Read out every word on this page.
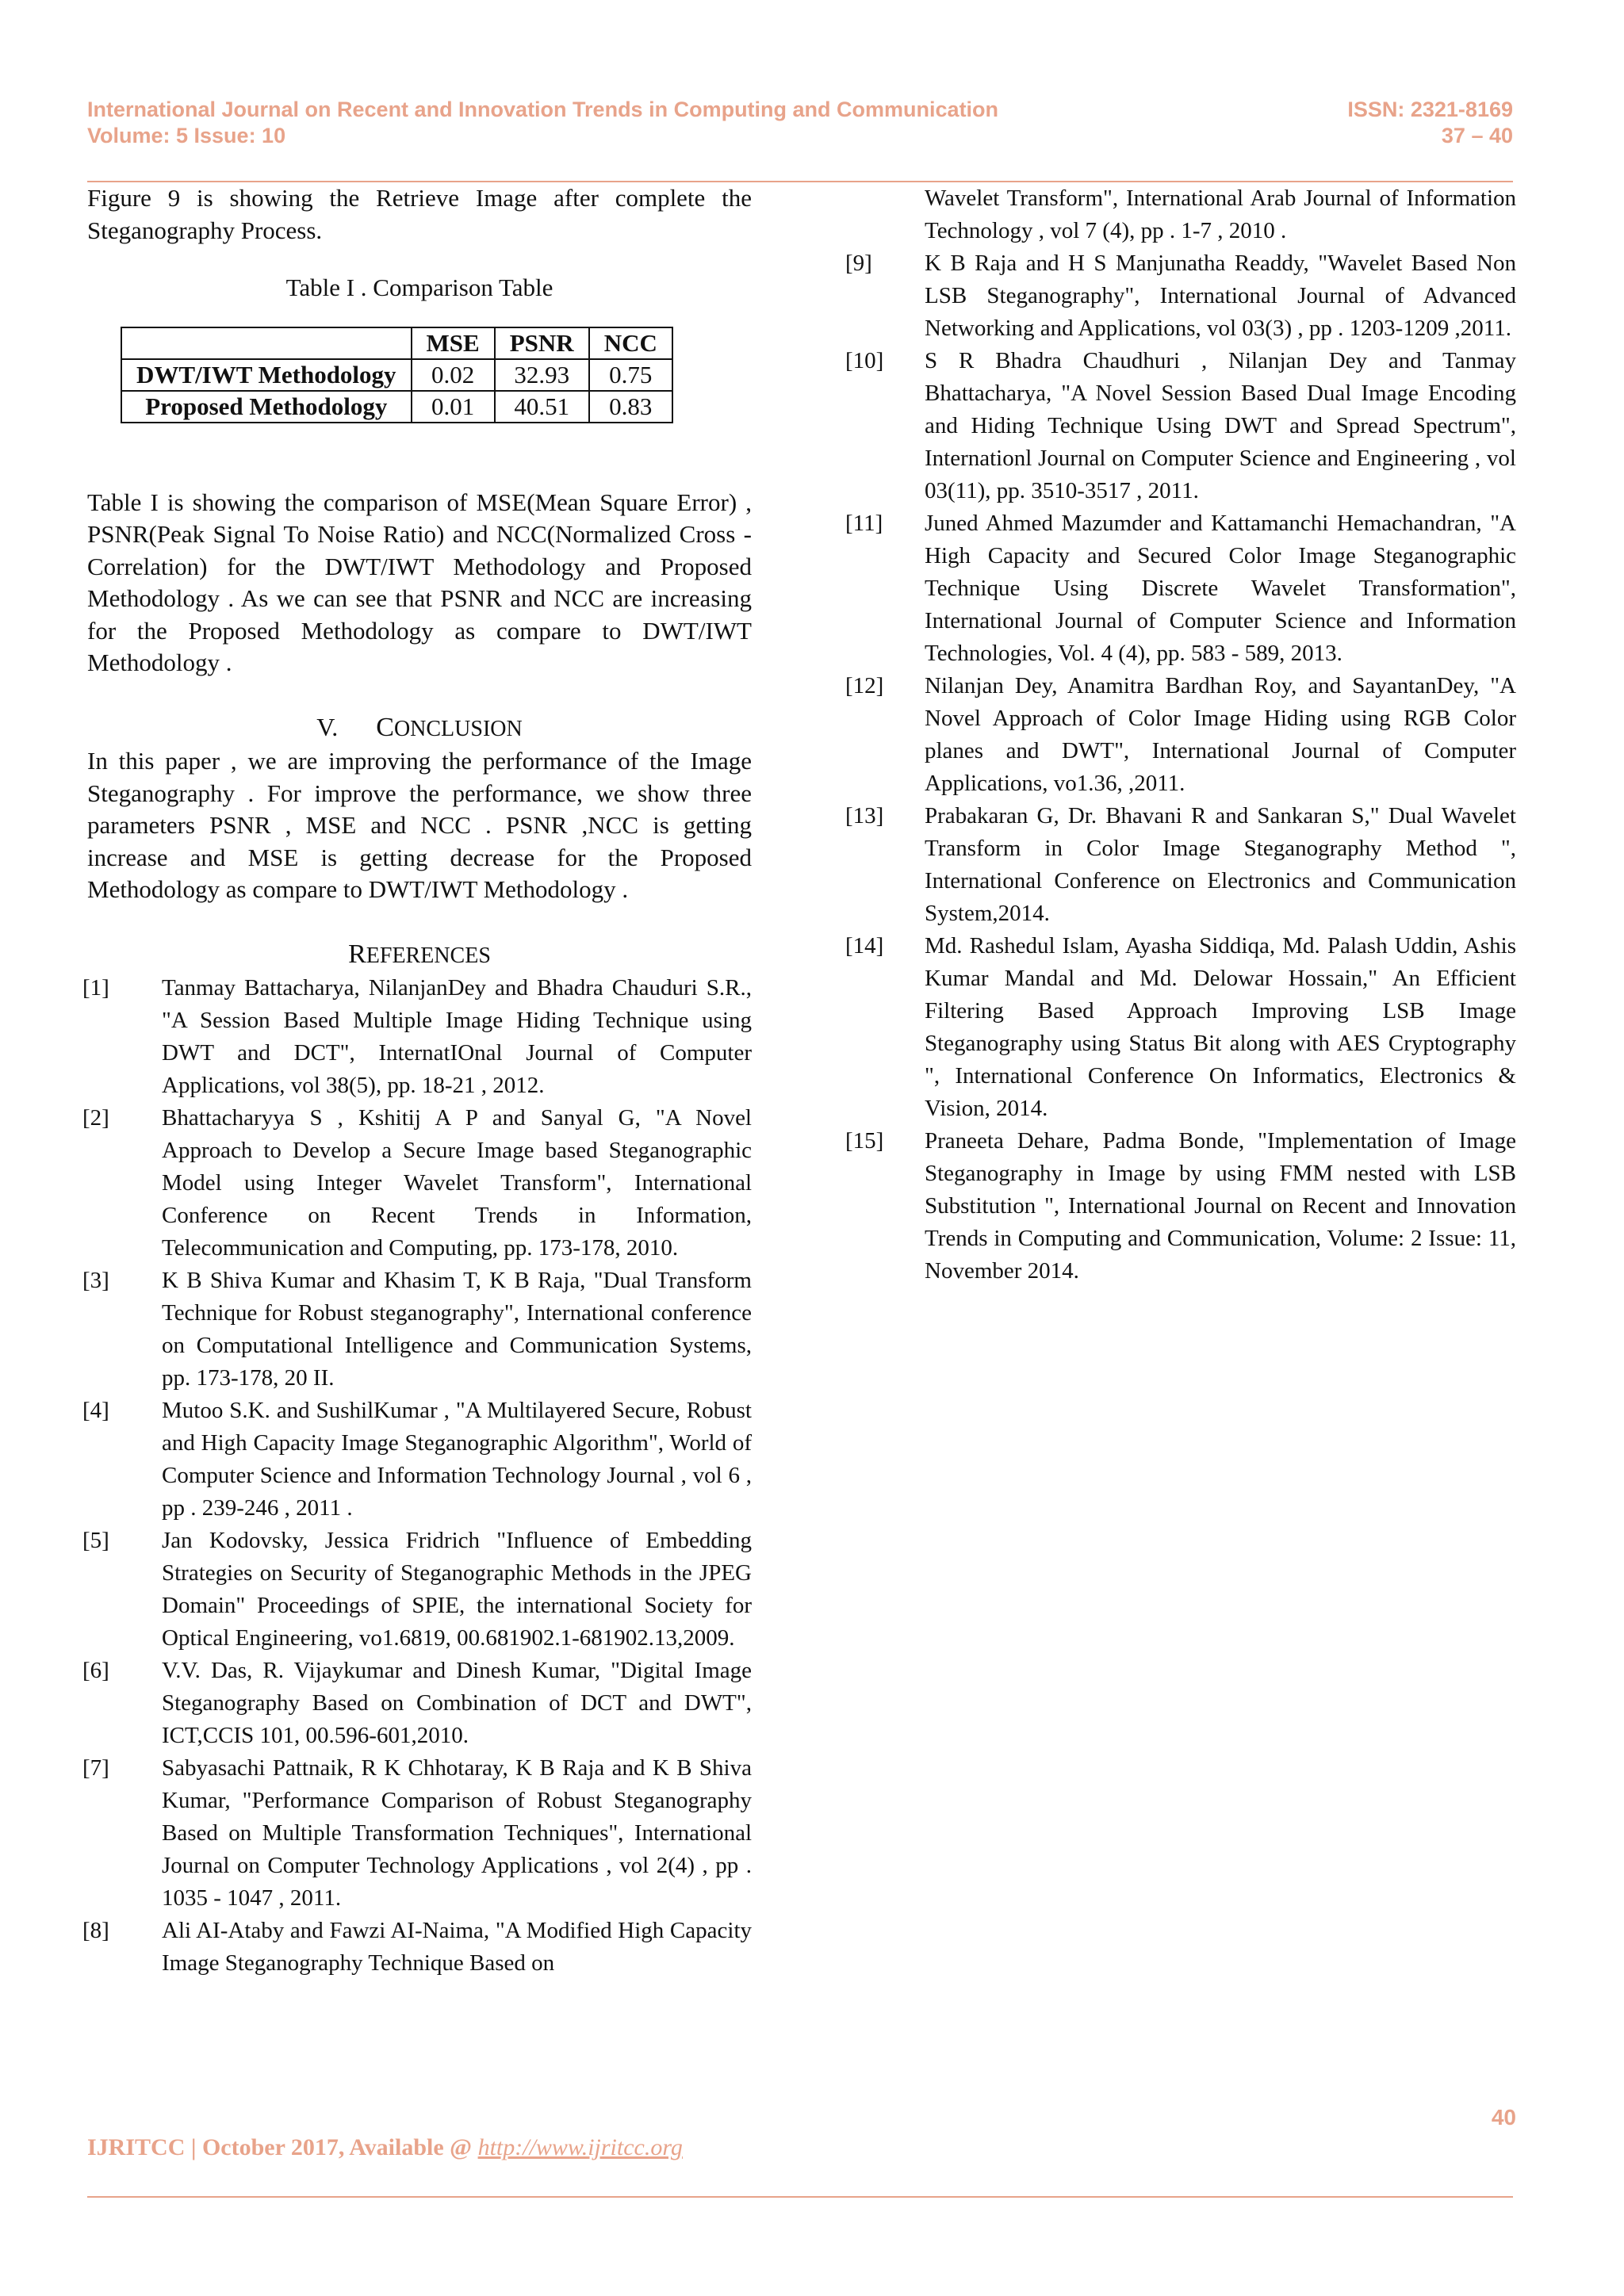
International Journal on Recent and Innovation Trends in Computing and Communication	ISSN: 2321-8169
Volume: 5 Issue: 10	37 – 40

Figure 9 is showing the Retrieve Image after complete the Steganography Process.

Table I . Comparison Table

	MSE	PSNR	NCC
DWT/IWT Methodology	0.02	32.93	0.75
Proposed Methodology	0.01	40.51	0.83

Table I is showing the comparison of MSE(Mean Square Error) , PSNR(Peak Signal To Noise Ratio) and NCC(Normalized Cross - Correlation) for the DWT/IWT Methodology and Proposed Methodology . As we can see that PSNR and NCC are increasing for the Proposed Methodology as compare to DWT/IWT Methodology .

V. CONCLUSION

In this paper , we are improving the performance of the Image Steganography . For improve the performance, we show three parameters PSNR , MSE and NCC . PSNR ,NCC is getting increase and MSE is getting decrease for the Proposed Methodology as compare to DWT/IWT Methodology .

REFERENCES

[1]	Tanmay Battacharya, NilanjanDey and Bhadra Chauduri S.R., "A Session Based Multiple Image Hiding Technique using DWT and DCT", InternatIOnal Journal of Computer Applications, vol 38(5), pp. 18-21 , 2012.
[2]	Bhattacharyya S , Kshitij A P and Sanyal G, "A Novel Approach to Develop a Secure Image based Steganographic Model using Integer Wavelet Transform", International Conference on Recent Trends in Information, Telecommunication and Computing, pp. 173-178, 2010.
[3]	K B Shiva Kumar and Khasim T, K B Raja, "Dual Transform Technique for Robust steganography", International conference on Computational Intelligence and Communication Systems, pp. 173-178, 20 II.
[4]	Mutoo S.K. and SushilKumar , "A Multilayered Secure, Robust and High Capacity Image Steganographic Algorithm", World of Computer Science and Information Technology Journal , vol 6 , pp . 239-246 , 2011 .
[5]	Jan Kodovsky, Jessica Fridrich "Influence of Embedding Strategies on Security of Steganographic Methods in the JPEG Domain" Proceedings of SPIE, the international Society for Optical Engineering, vo1.6819, 00.681902.1-681902.13,2009.
[6]	V.V. Das, R. Vijaykumar and Dinesh Kumar, "Digital Image Steganography Based on Combination of DCT and DWT", ICT,CCIS 101, 00.596-601,2010.
[7]	Sabyasachi Pattnaik, R K Chhotaray, K B Raja and K B Shiva Kumar, "Performance Comparison of Robust Steganography Based on Multiple Transformation Techniques", International Journal on Computer Technology Applications , vol 2(4) , pp . 1035 - 1047 , 2011.
[8]	Ali AI-Ataby and Fawzi AI-Naima, "A Modified High Capacity Image Steganography Technique Based on
Wavelet Transform", International Arab Journal of Information Technology , vol 7 (4), pp . 1-7 , 2010 .
[9]	K B Raja and H S Manjunatha Readdy, "Wavelet Based Non LSB Steganography", International Journal of Advanced Networking and Applications, vol 03(3) , pp . 1203-1209 ,2011.
[10]	S R Bhadra Chaudhuri , Nilanjan Dey and Tanmay Bhattacharya, "A Novel Session Based Dual Image Encoding and Hiding Technique Using DWT and Spread Spectrum", Internationl Journal on Computer Science and Engineering , vol 03(11), pp. 3510-3517 , 2011.
[11]	Juned Ahmed Mazumder and Kattamanchi Hemachandran, "A High Capacity and Secured Color Image Steganographic Technique Using Discrete Wavelet Transformation", International Journal of Computer Science and Information Technologies, Vol. 4 (4), pp. 583 - 589, 2013.
[12]	Nilanjan Dey, Anamitra Bardhan Roy, and SayantanDey, "A Novel Approach of Color Image Hiding using RGB Color planes and DWT", International Journal of Computer Applications, vo1.36, ,2011.
[13]	Prabakaran G, Dr. Bhavani R and Sankaran S," Dual Wavelet Transform in Color Image Steganography Method ", International Conference on Electronics and Communication System,2014.
[14]	Md. Rashedul Islam, Ayasha Siddiqa, Md. Palash Uddin, Ashis Kumar Mandal and Md. Delowar Hossain," An Efficient Filtering Based Approach Improving LSB Image Steganography using Status Bit along with AES Cryptography ", International Conference On Informatics, Electronics & Vision, 2014.
[15]	Praneeta Dehare, Padma Bonde, "Implementation of Image Steganography in Image by using FMM nested with LSB Substitution ", International Journal on Recent and Innovation Trends in Computing and Communication, Volume: 2 Issue: 11, November 2014.
40
IJRITCC | October 2017, Available @ http://www.ijritcc.org
